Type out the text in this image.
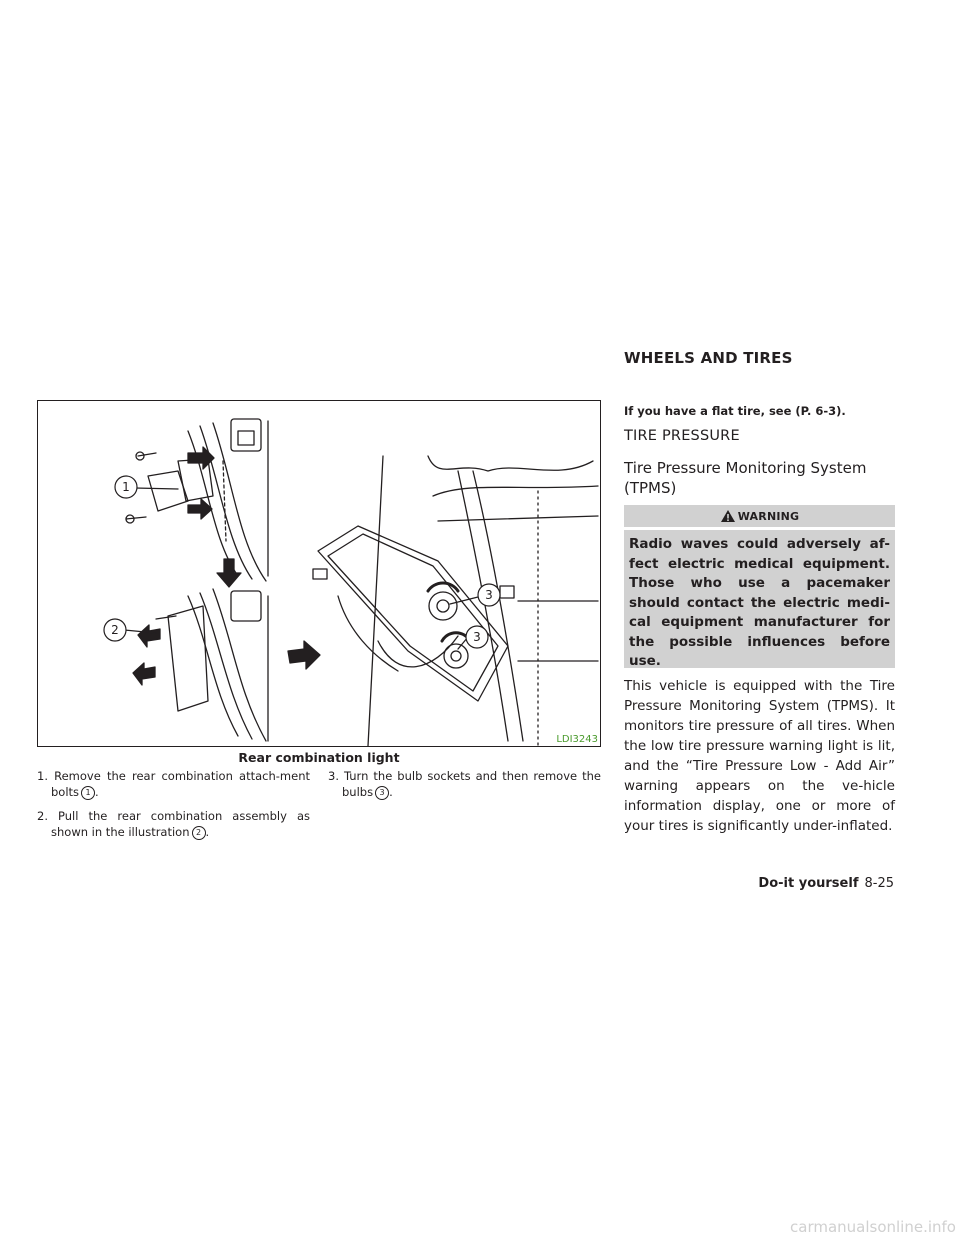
WHEELS AND TIRES
1
2
3
3
LDI3243
Rear combination light

1. Remove the rear combination attach-ment bolts 1 .

2. Pull the rear combination assembly as shown in the illustration 2 .

3. Turn the bulb sockets and then remove the bulbs 3 .

If you have a flat tire, see (P. 6-3).

TIRE PRESSURE
Tire Pressure Monitoring System (TPMS)
WARNING
Radio waves could adversely af-fect electric medical equipment. Those who use a pacemaker should contact the electric medi-cal equipment manufacturer for the possible influences before use.

This vehicle is equipped with the Tire Pressure Monitoring System (TPMS). It monitors tire pressure of all tires. When the low tire pressure warning light is lit, and the “Tire Pressure Low - Add Air” warning appears on the ve-hicle information display, one or more of your tires is significantly under-inflated.

Do-it yourself 8-25
carmanualsonline.info
